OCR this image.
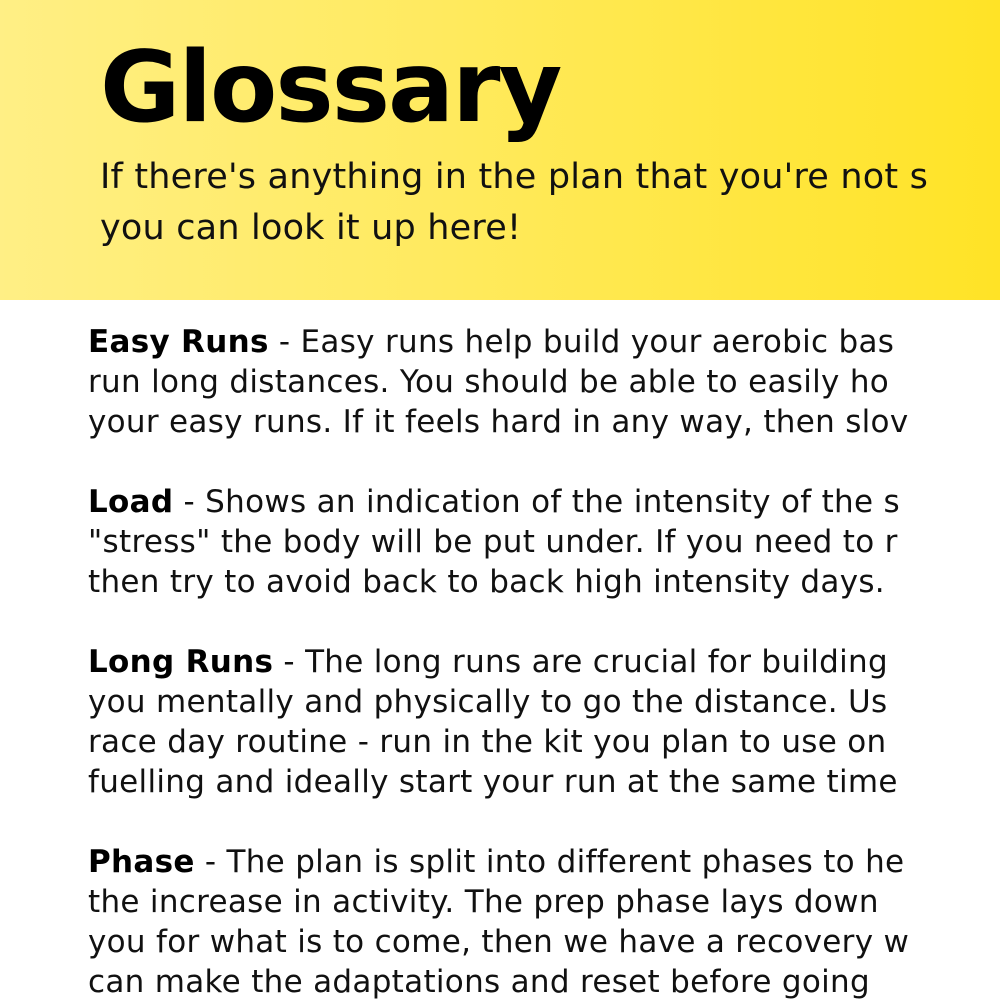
Glossary
If there's anything in the plan that you're not s
you can look it up here!
Easy Runs - Easy runs help build your aerobic bas
run long distances. You should be able to easily ho
your easy runs. If it feels hard in any way, then slov
Load - Shows an indication of the intensity of the s
"stress" the body will be put under. If you need to r
then try to avoid back to back high intensity days.
Long Runs - The long runs are crucial for building
you mentally and physically to go the distance. Us
race day routine - run in the kit you plan to use on
fuelling and ideally start your run at the same time
Phase - The plan is split into different phases to he
the increase in activity. The prep phase lays down
you for what is to come, then we have a recovery w
can make the adaptations and reset before going
